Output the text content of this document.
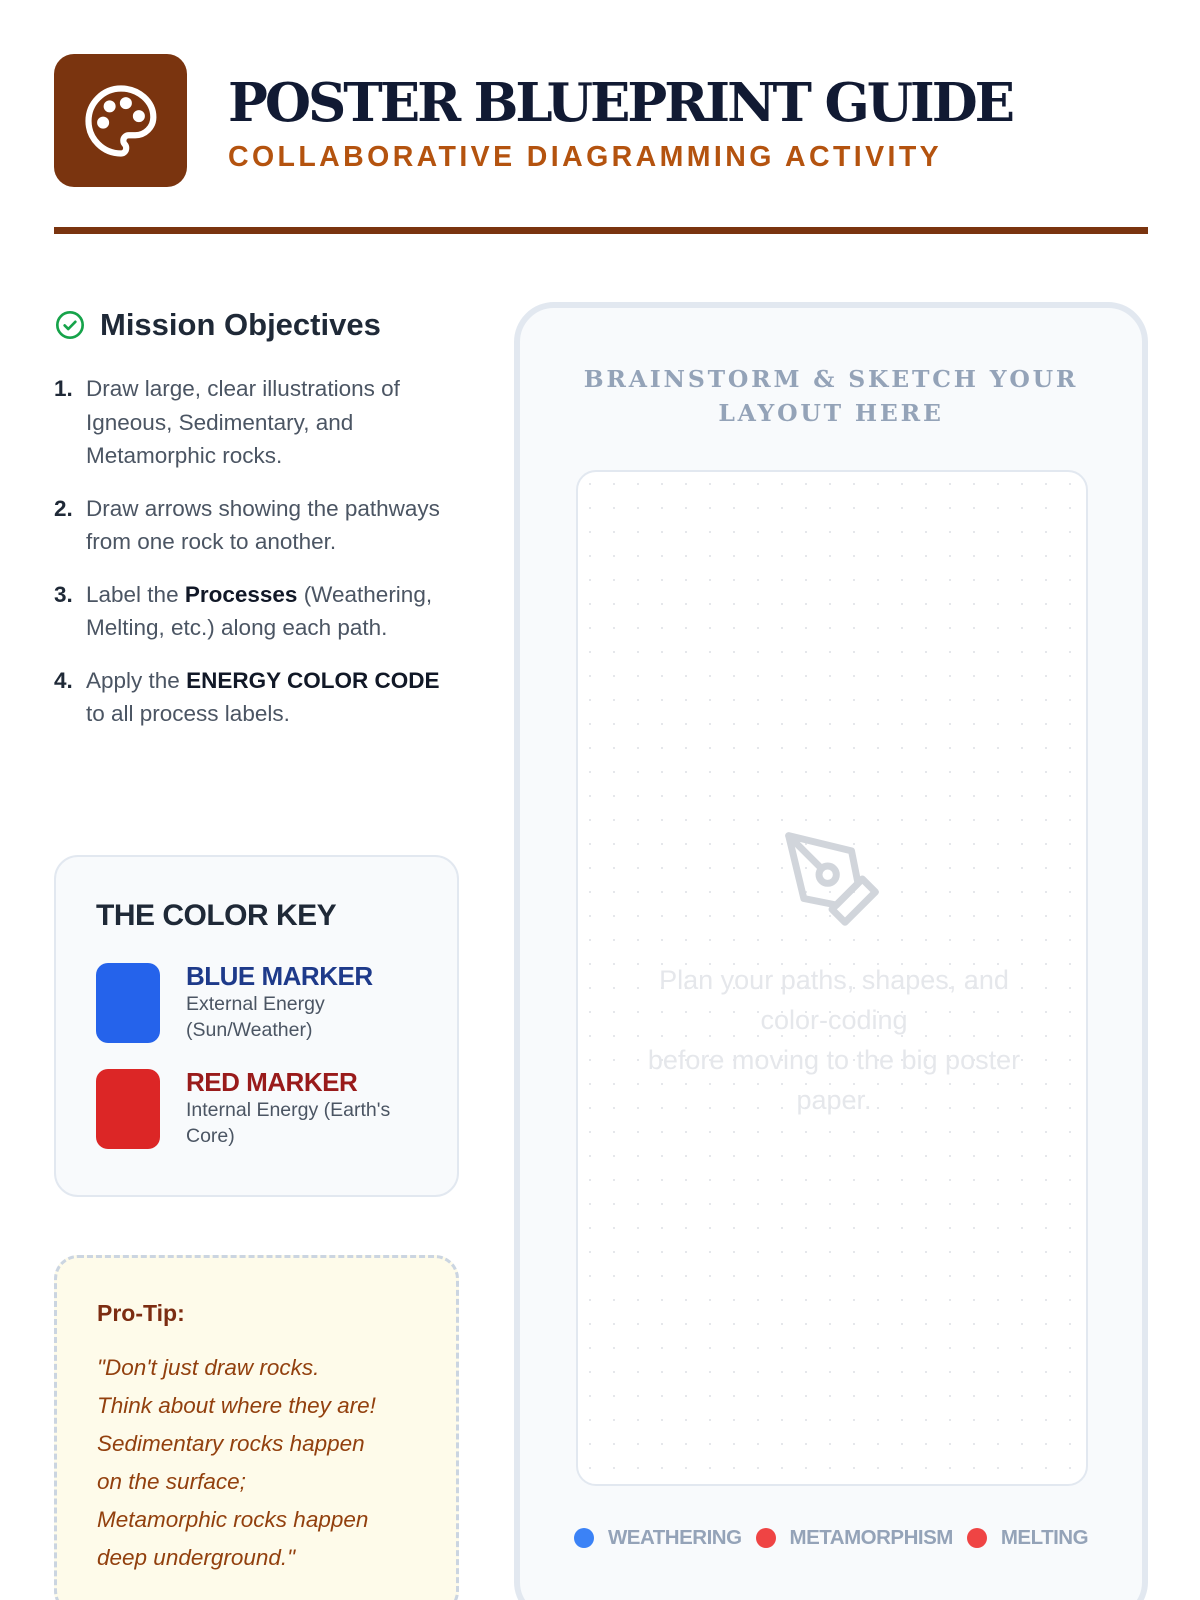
POSTER BLUEPRINT GUIDE
COLLABORATIVE DIAGRAMMING ACTIVITY
Mission Objectives
1. Draw large, clear illustrations of Igneous, Sedimentary, and Metamorphic rocks.
2. Draw arrows showing the pathways from one rock to another.
3. Label the Processes (Weathering, Melting, etc.) along each path.
4. Apply the ENERGY COLOR CODE to all process labels.
THE COLOR KEY
BLUE MARKER
External Energy (Sun/Weather)
RED MARKER
Internal Energy (Earth's Core)
Pro-Tip:
"Don't just draw rocks.
Think about where they are!
Sedimentary rocks happen
on the surface;
Metamorphic rocks happen
deep underground."
BRAINSTORM & SKETCH YOUR
LAYOUT HERE
Plan your paths, shapes, and
color-coding
before moving to the big poster
paper.
WEATHERING METAMORPHISM MELTING
